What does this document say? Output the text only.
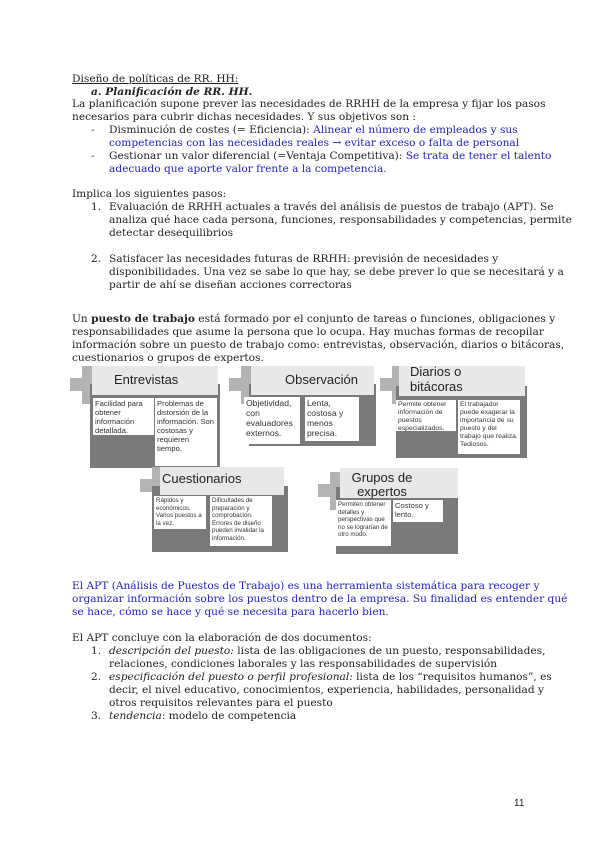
Diseño de políticas de RR. HH:
a. Planificación de RR. HH.
La planificación supone prever las necesidades de RRHH de la empresa y fijar los pasos
necesarios para cubrir dichas necesidades. Y sus objetivos son :
- Disminución de costes (= Eficiencia): Alinear el número de empleados y sus
competencias con las necesidades reales → evitar exceso o falta de personal
- Gestionar un valor diferencial (=Ventaja Competitiva): Se trata de tener el talento
adecuado que aporte valor frente a la competencia.
Implica los siguientes pasos:
1. Evaluación de RRHH actuales a través del análisis de puestos de trabajo (APT). Se
analiza qué hace cada persona, funciones, responsabilidades y competencias, permite
detectar desequilibrios
2. Satisfacer las necesidades futuras de RRHH: previsión de necesidades y
disponibilidades. Una vez se sabe lo que hay, se debe prever lo que se necesitará y a
partir de ahí se diseñan acciones correctoras
Un puesto de trabajo está formado por el conjunto de tareas o funciones, obligaciones y
responsabilidades que asume la persona que lo ocupa. Hay muchas formas de recopilar
información sobre un puesto de trabajo como: entrevistas, observación, diarios o bitácoras,
cuestionarios o grupos de expertos.
Entrevistas
Facilidad para obtener información detallada.
Problemas de distorsión de la información. Son costosas y requieren tiempo.
Observación
Objetividad, con evaluadores externos.
Lenta, costosa y menos precisa.
Diarios o bitácoras
Permite obtener información de puestos especializados.
El trabajador puede exagerar la importancia de su puesto y del trabajo que realiza. Tediosos.
Cuestionarios
Rápidos y económicos. Varios puestos a la vez.
Dificultades de preparación y comprobación. Errores de diseño pueden invalidar la información.
Grupos de expertos
Permiten obtener detalles y perspectivas que no se lograrían de otro modo.
Costoso y lento.
El APT (Análisis de Puestos de Trabajo) es una herramienta sistemática para recoger y
organizar información sobre los puestos dentro de la empresa. Su finalidad es entender qué
se hace, cómo se hace y qué se necesita para hacerlo bien.
El APT concluye con la elaboración de dos documentos:
1. descripción del puesto: lista de las obligaciones de un puesto, responsabilidades,
relaciones, condiciones laborales y las responsabilidades de supervisión
2. especificación del puesto o perfil profesional: lista de los “requisitos humanos”, es
decir, el nivel educativo, conocimientos, experiencia, habilidades, personalidad y
otros requisitos relevantes para el puesto
3. tendencia: modelo de competencia
11
